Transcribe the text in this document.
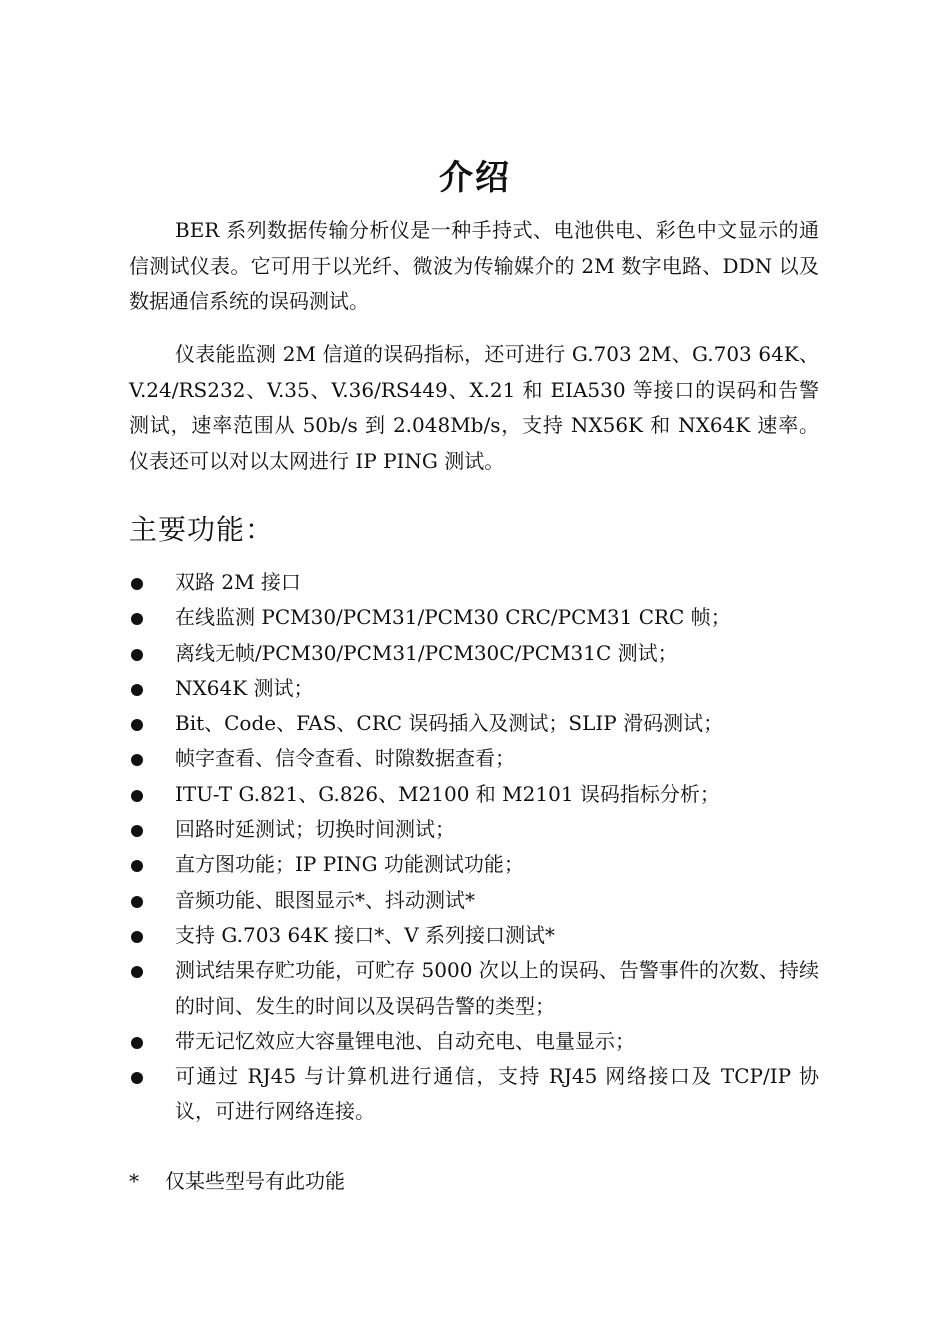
介绍

BER 系列数据传输分析仪是一种手持式、电池供电、彩色中文显示的通信测试仪表。它可用于以光纤、微波为传输媒介的 2M 数字电路、DDN 以及数据通信系统的误码测试。

仪表能监测 2M 信道的误码指标，还可进行 G.703 2M、G.703 64K、V.24/RS232、V.35、V.36/RS449、X.21 和 EIA530 等接口的误码和告警测试，速率范围从 50b/s 到 2.048Mb/s，支持 NX56K 和 NX64K 速率。仪表还可以对以太网进行 IP PING 测试。

主要功能：
双路 2M 接口
在线监测 PCM30/PCM31/PCM30 CRC/PCM31 CRC 帧；
离线无帧/PCM30/PCM31/PCM30C/PCM31C 测试；
NX64K 测试；
Bit、Code、FAS、CRC 误码插入及测试；SLIP 滑码测试；
帧字查看、信令查看、时隙数据查看；
ITU-T G.821、G.826、M2100 和 M2101 误码指标分析；
回路时延测试；切换时间测试；
直方图功能；IP PING 功能测试功能；
音频功能、眼图显示*、抖动测试*
支持 G.703 64K 接口*、V 系列接口测试*
测试结果存贮功能，可贮存 5000 次以上的误码、告警事件的次数、持续的时间、发生的时间以及误码告警的类型；
带无记忆效应大容量锂电池、自动充电、电量显示；
可通过 RJ45 与计算机进行通信，支持 RJ45 网络接口及 TCP/IP 协议，可进行网络连接。
* 仅某些型号有此功能
